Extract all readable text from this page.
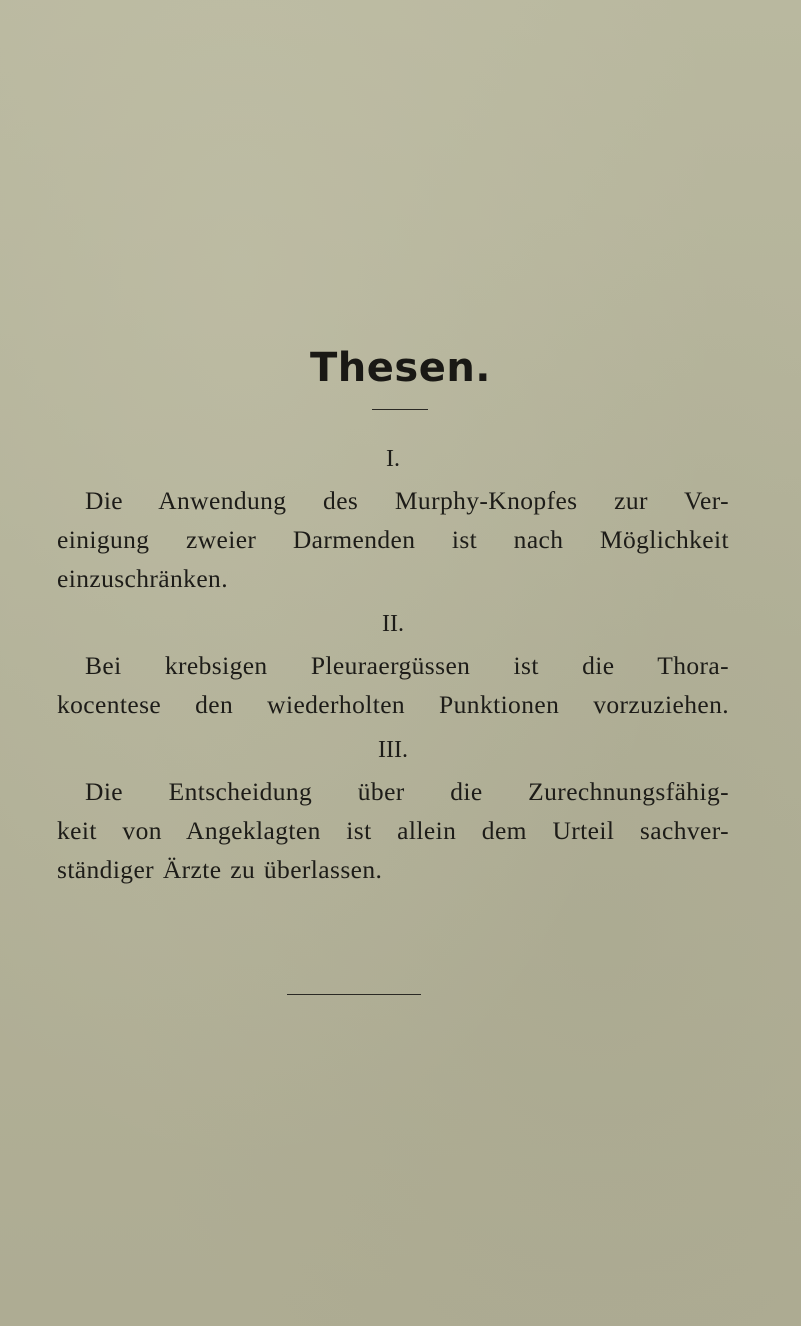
Thesen.
I.
Die Anwendung des Murphy-Knopfes zur Ver-
einigung zweier Darmenden ist nach Möglichkeit
einzuschränken.
II.
Bei krebsigen Pleuraergüssen ist die Thora-
kocentese den wiederholten Punktionen vorzuziehen.
III.
Die Entscheidung über die Zurechnungsfähig-
keit von Angeklagten ist allein dem Urteil sachver-
ständiger Ärzte zu überlassen.
